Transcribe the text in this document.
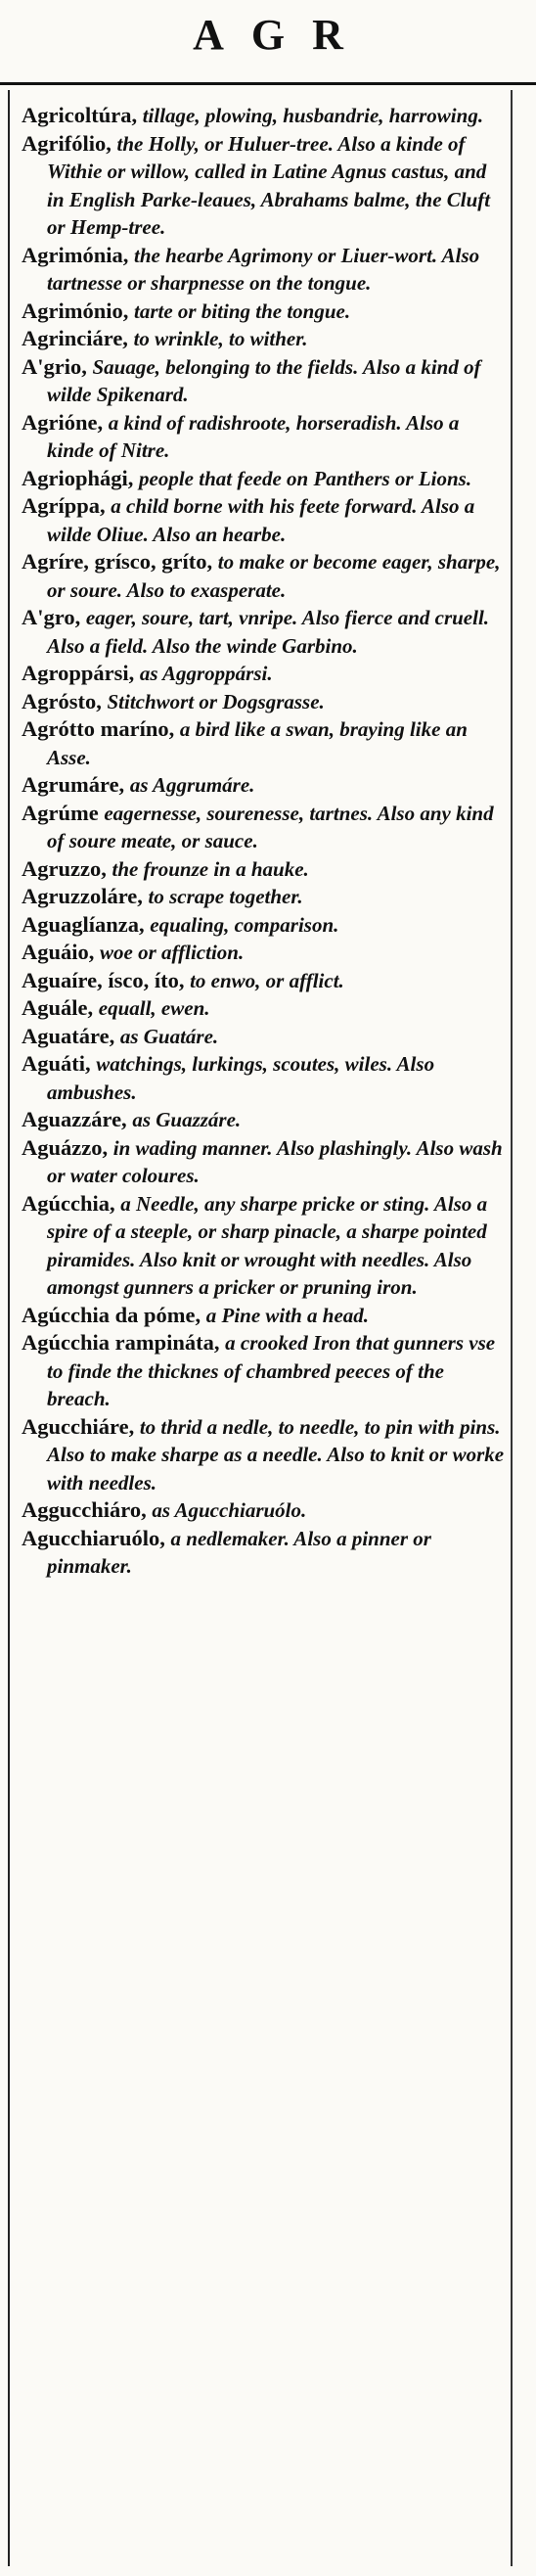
AGR

Agricoltúra, tillage, plowing, husbandrie, harrowing.

Agrifólio, the Holly, or Huluer-tree. Also a kinde of Withie or willow, called in Latine Agnus castus, and in English Parke-leaues, Abrahams balme, the Cluft or Hemp-tree.

Agrimónia, the hearbe Agrimony or Liuer-wort. Also tartnesse or sharpnesse on the tongue.

Agrimónio, tarte or biting the tongue.

Agrinciáre, to wrinkle, to wither.

A'grio, Sauage, belonging to the fields. Also a kind of wilde Spikenard.

Agrióne, a kind of radishroote, horseradish. Also a kinde of Nitre.

Agriophági, people that feede on Panthers or Lions.

Agríppa, a child borne with his feete forward. Also a wilde Oliue. Also an hearbe.

Agríre, grísco, gríto, to make or become eager, sharpe, or soure. Also to exasperate.

A'gro, eager, soure, tart, vnripe. Also fierce and cruell. Also a field. Also the winde Garbino.

Agroppársi, as Aggroppársi.

Agrósto, Stitchwort or Dogsgrasse.

Agrótto maríno, a bird like a swan, braying like an Asse.

Agrumáre, as Aggrumáre.

Agrúme eagernesse, sourenesse, tartnes. Also any kind of soure meate, or sauce.

Agruzzo, the frounze in a hauke.

Agruzzoláre, to scrape together.

Aguaglíanza, equaling, comparison.

Aguáio, woe or affliction.

Aguaíre, ísco, íto, to enwo, or afflict.

Aguále, equall, ewen.

Aguatáre, as Guatáre.

Aguáti, watchings, lurkings, scoutes, wiles. Also ambushes.

Aguazzáre, as Guazzáre.

Aguázzo, in wading manner. Also plashingly. Also wash or water coloures.

Agúcchia, a Needle, any sharpe pricke or sting. Also a spire of a steeple, or sharp pinacle, a sharpe pointed piramides. Also knit or wrought with needles. Also amongst gunners a pricker or pruning iron.

Agúcchia da póme, a Pine with a head.

Agúcchia rampináta, a crooked Iron that gunners vse to finde the thicknes of chambred peeces of the breach.

Agucchiáre, to thrid a nedle, to needle, to pin with pins. Also to make sharpe as a needle. Also to knit or worke with needles.

Aggucchiáro, as Agucchiaruólo.

Agucchiaruólo, a nedlemaker. Also a pinner or pinmaker.
